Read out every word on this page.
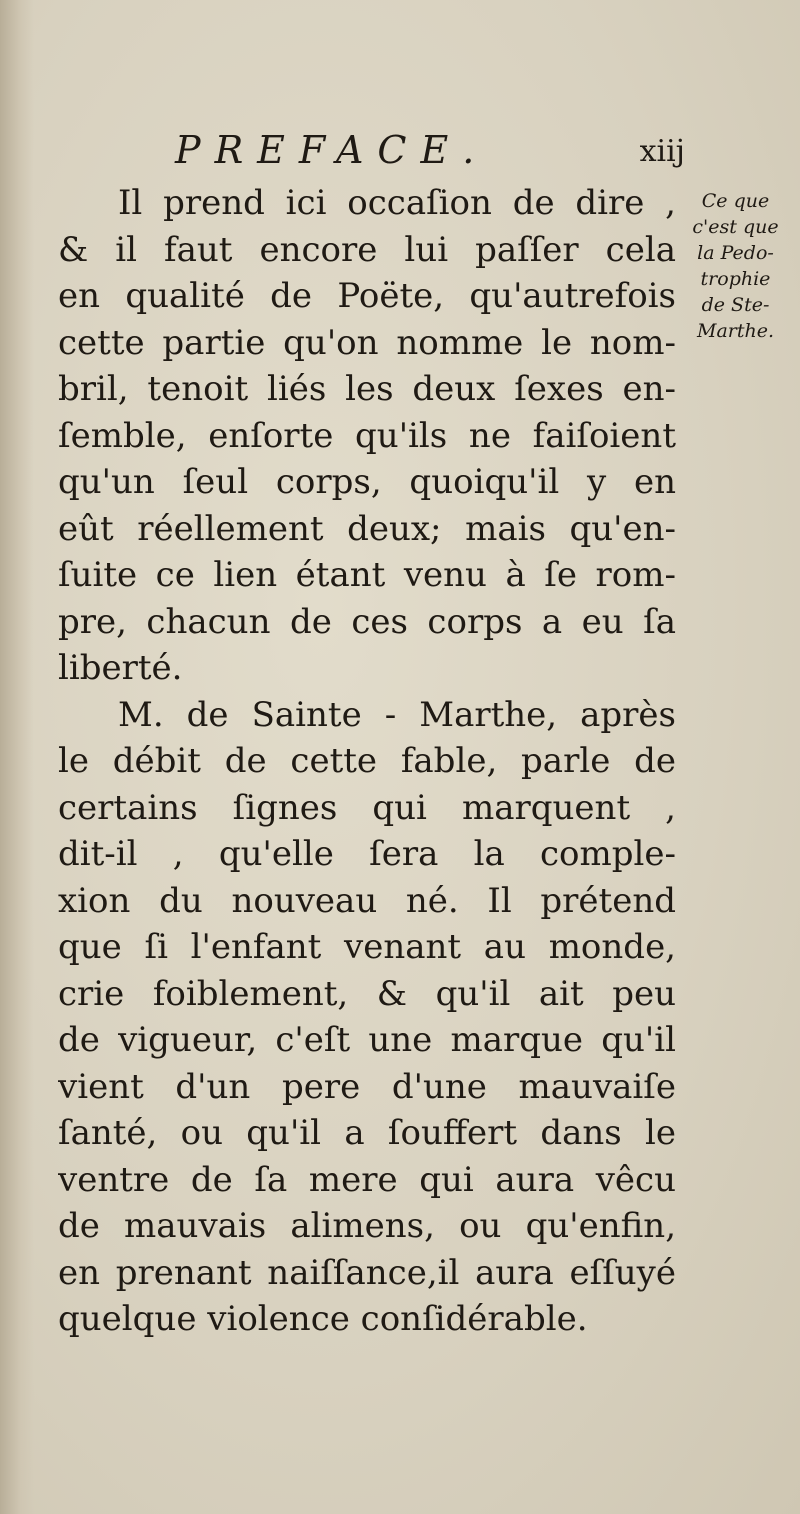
PREFACE.	xiij
Il prend ici occaſion de dire ,
& il faut encore lui paſſer cela
en qualité de Poëte, qu'autrefois
cette partie qu'on nomme le nom-
bril, tenoit liés les deux ſexes en-
ſemble, enſorte qu'ils ne faiſoient
qu'un ſeul corps, quoiqu'il y en
eût réellement deux; mais qu'en-
ſuite ce lien étant venu à ſe rom-
pre, chacun de ces corps a eu ſa
liberté.
M. de Sainte - Marthe, après
le débit de cette fable, parle de
certains ſignes qui marquent ,
dit-il , qu'elle ſera la comple-
xion du nouveau né. Il prétend
que ſi l'enfant venant au monde,
crie foiblement, & qu'il ait peu
de vigueur, c'eſt une marque qu'il
vient d'un pere d'une mauvaiſe
ſanté, ou qu'il a ſouffert dans le
ventre de ſa mere qui aura vêcu
de mauvais alimens, ou qu'enfin,
en prenant naiſſance,il aura eſſuyé
quelque violence conſidérable.
Ce que
c'est que
la Pedo-
trophie
de Ste-
Marthe.
